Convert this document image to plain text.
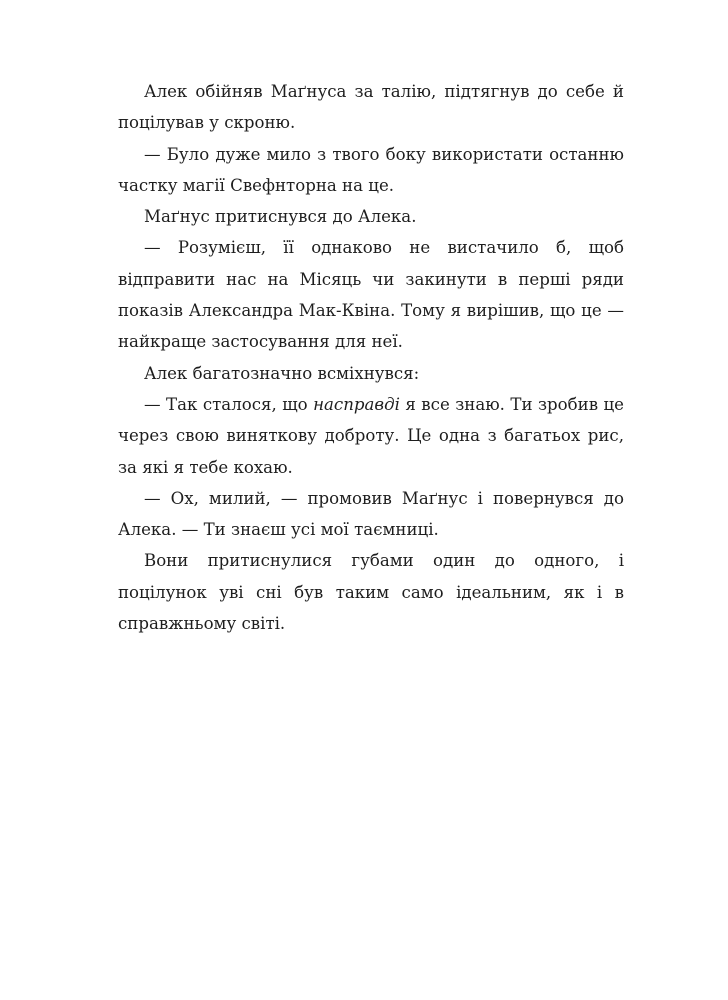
Алек обійняв Маґнуса за талію, підтягнув до себе й поцілував у скроню.

— Було дуже мило з твого боку використати останню частку магії Свефнторна на це.

Маґнус притиснувся до Алека.

— Розумієш, її однаково не вистачило б, щоб відправити нас на Місяць чи закинути в перші ряди показів Александра Мак-Квіна. Тому я вирішив, що це — найкраще застосування для неї.

Алек багатозначно всміхнувся:

— Так сталося, що насправді я все знаю. Ти зробив це через свою виняткову доброту. Це одна з багатьох рис, за які я тебе кохаю.

— Ох, милий, — промовив Маґнус і повернувся до Алека. — Ти знаєш усі мої таємниці.

Вони притиснулися губами один до одного, і поцілунок уві сні був таким само ідеальним, як і в справжньому світі.
